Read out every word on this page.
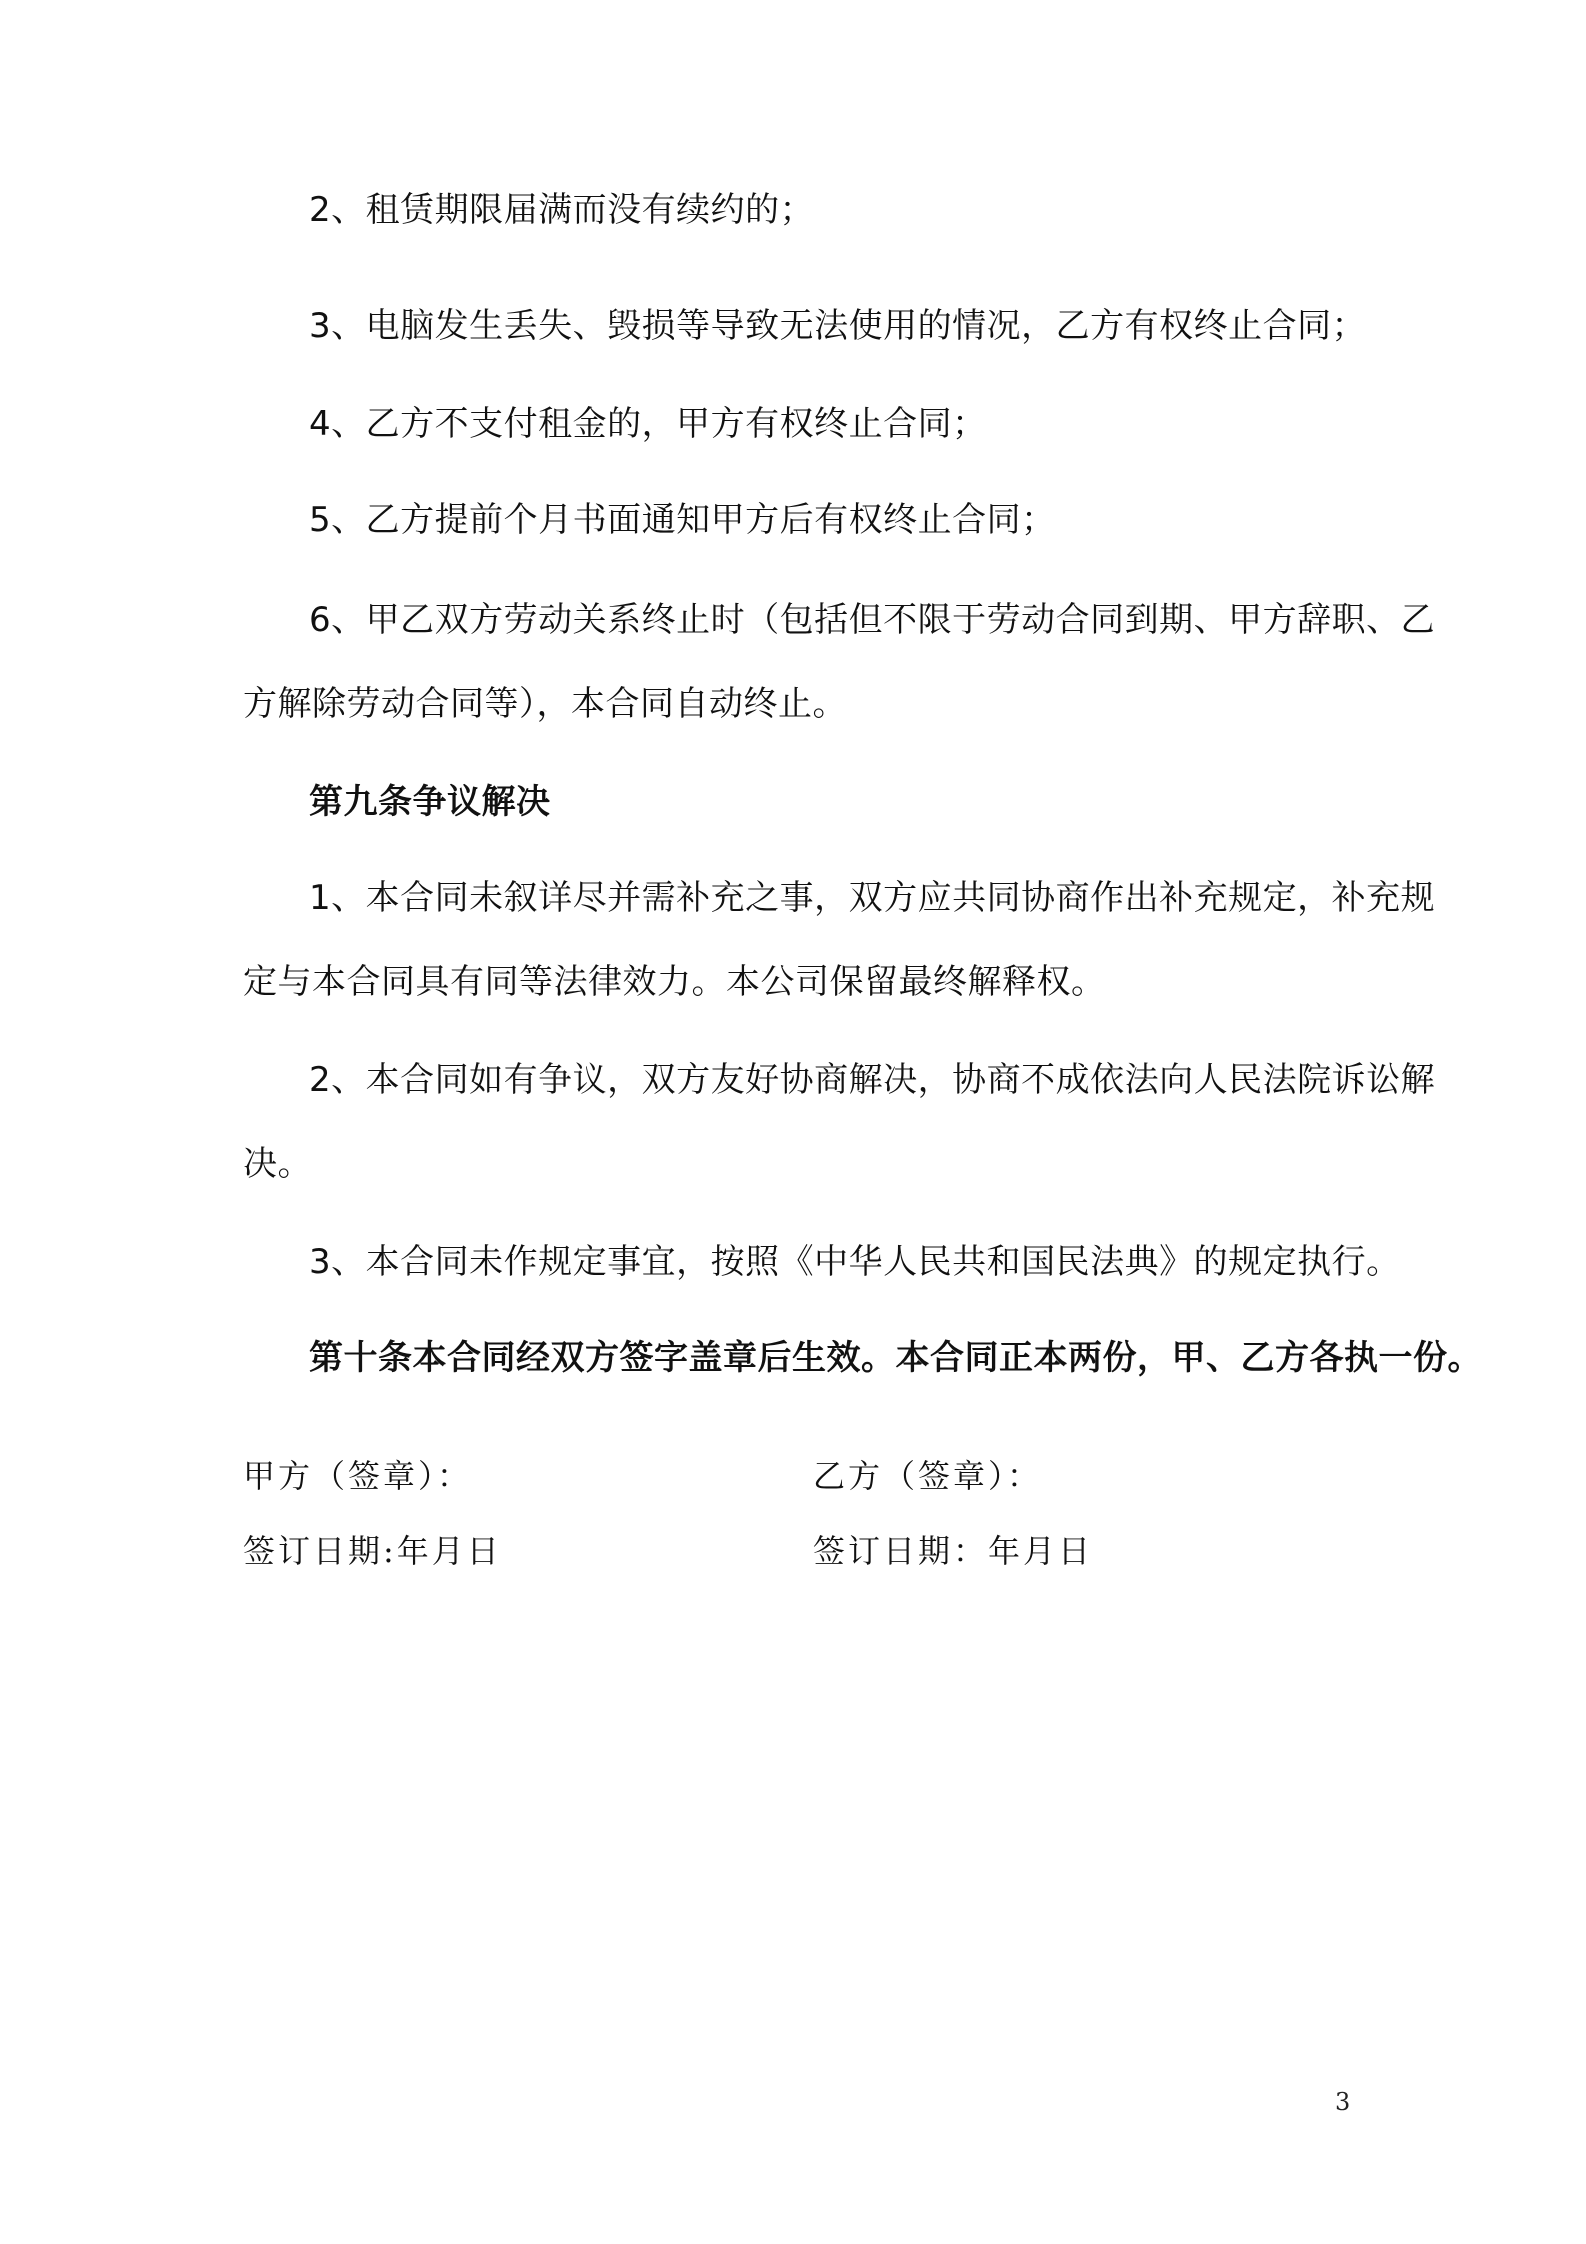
2、租赁期限届满而没有续约的；
3、电脑发生丢失、毁损等导致无法使用的情况，乙方有权终止合同；
4、乙方不支付租金的，甲方有权终止合同；
5、乙方提前个月书面通知甲方后有权终止合同；
6、甲乙双方劳动关系终止时（包括但不限于劳动合同到期、甲方辞职、乙
方解除劳动合同等），本合同自动终止。
第九条争议解决
1、本合同未叙详尽并需补充之事，双方应共同协商作出补充规定，补充规
定与本合同具有同等法律效力。本公司保留最终解释权。
2、本合同如有争议，双方友好协商解决，协商不成依法向人民法院诉讼解
决。
3、本合同未作规定事宜，按照《中华人民共和国民法典》的规定执行。
第十条本合同经双方签字盖章后生效。本合同正本两份，甲、乙方各执一份。
甲方（签章）：	乙方（签章）：
签订日期:年月日	签订日期：年月日
3
